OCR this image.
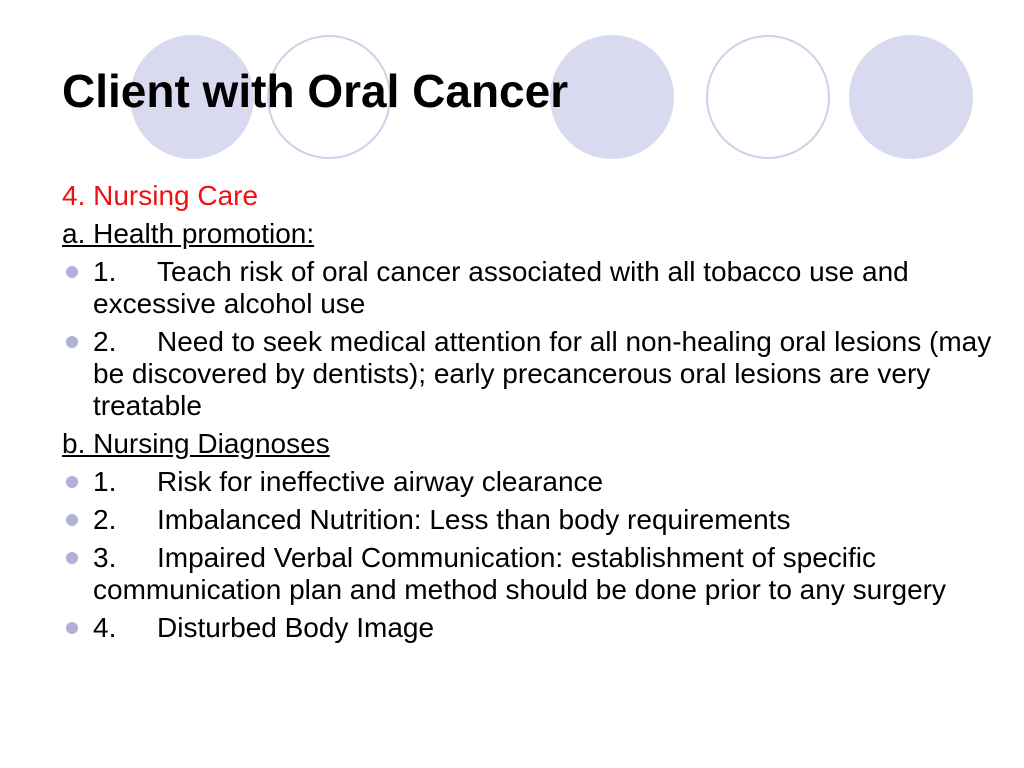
Client with Oral Cancer
4. Nursing Care
a. Health promotion:
1. Teach risk of oral cancer associated with all tobacco use and excessive alcohol use
2. Need to seek medical attention for all non-healing oral lesions (may be discovered by dentists); early precancerous oral lesions are very treatable
b. Nursing Diagnoses
1. Risk for ineffective airway clearance
2. Imbalanced Nutrition: Less than body requirements
3. Impaired Verbal Communication: establishment of specific communication plan and method should be done prior to any surgery
4. Disturbed Body Image
